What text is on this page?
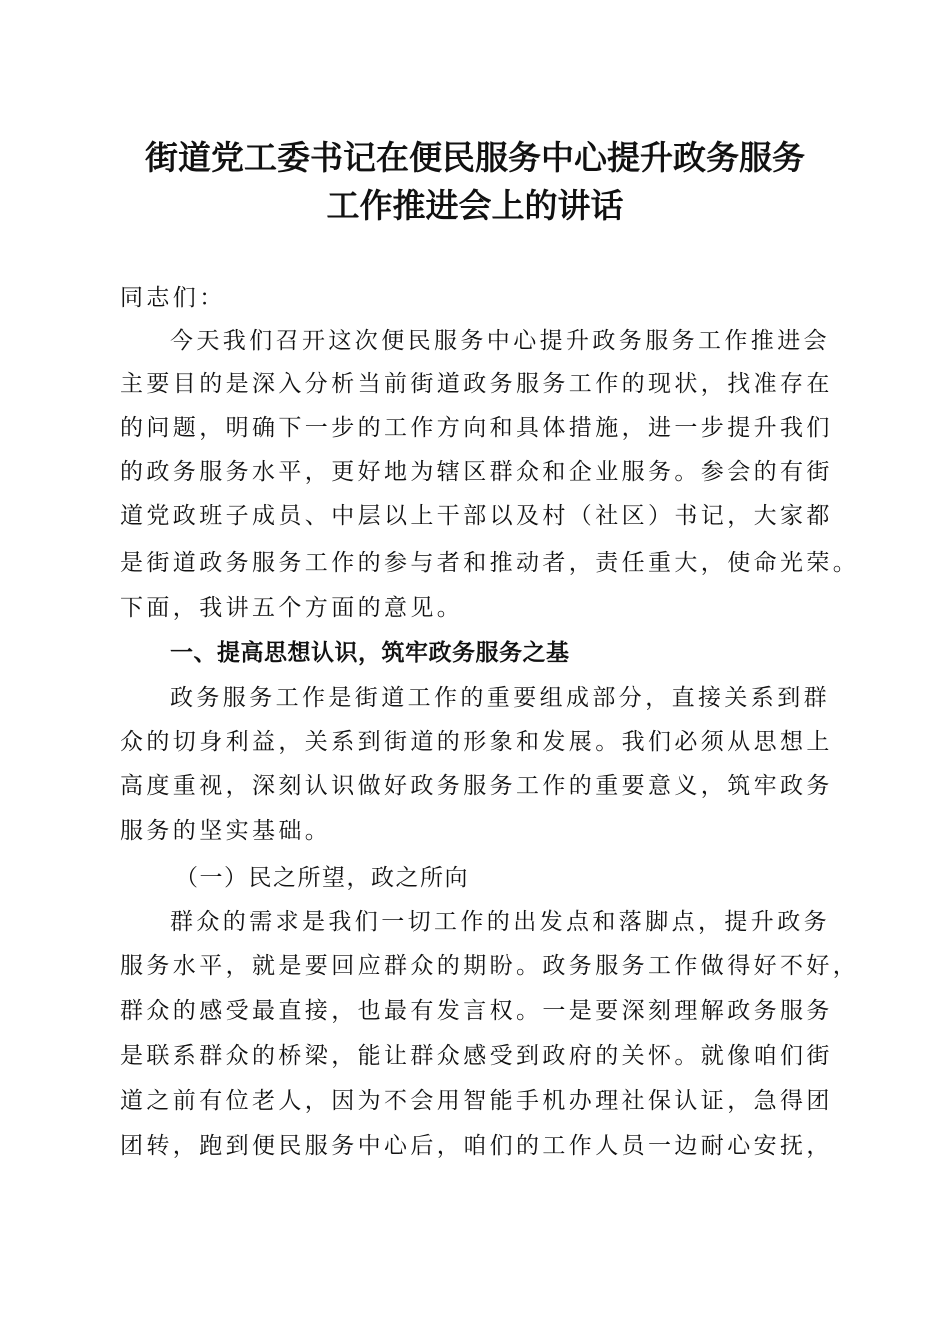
街道党工委书记在便民服务中心提升政务服务
工作推进会上的讲话

同志们：

今天我们召开这次便民服务中心提升政务服务工作推进会

主要目的是深入分析当前街道政务服务工作的现状，找准存在

的问题，明确下一步的工作方向和具体措施，进一步提升我们

的政务服务水平，更好地为辖区群众和企业服务。参会的有街

道党政班子成员、中层以上干部以及村（社区）书记，大家都

是街道政务服务工作的参与者和推动者，责任重大，使命光荣。

下面，我讲五个方面的意见。

一、提高思想认识，筑牢政务服务之基

政务服务工作是街道工作的重要组成部分，直接关系到群

众的切身利益，关系到街道的形象和发展。我们必须从思想上

高度重视，深刻认识做好政务服务工作的重要意义，筑牢政务

服务的坚实基础。

（一）民之所望，政之所向

群众的需求是我们一切工作的出发点和落脚点，提升政务

服务水平，就是要回应群众的期盼。政务服务工作做得好不好，

群众的感受最直接，也最有发言权。一是要深刻理解政务服务

是联系群众的桥梁，能让群众感受到政府的关怀。就像咱们街

道之前有位老人，因为不会用智能手机办理社保认证，急得团

团转，跑到便民服务中心后，咱们的工作人员一边耐心安抚，
